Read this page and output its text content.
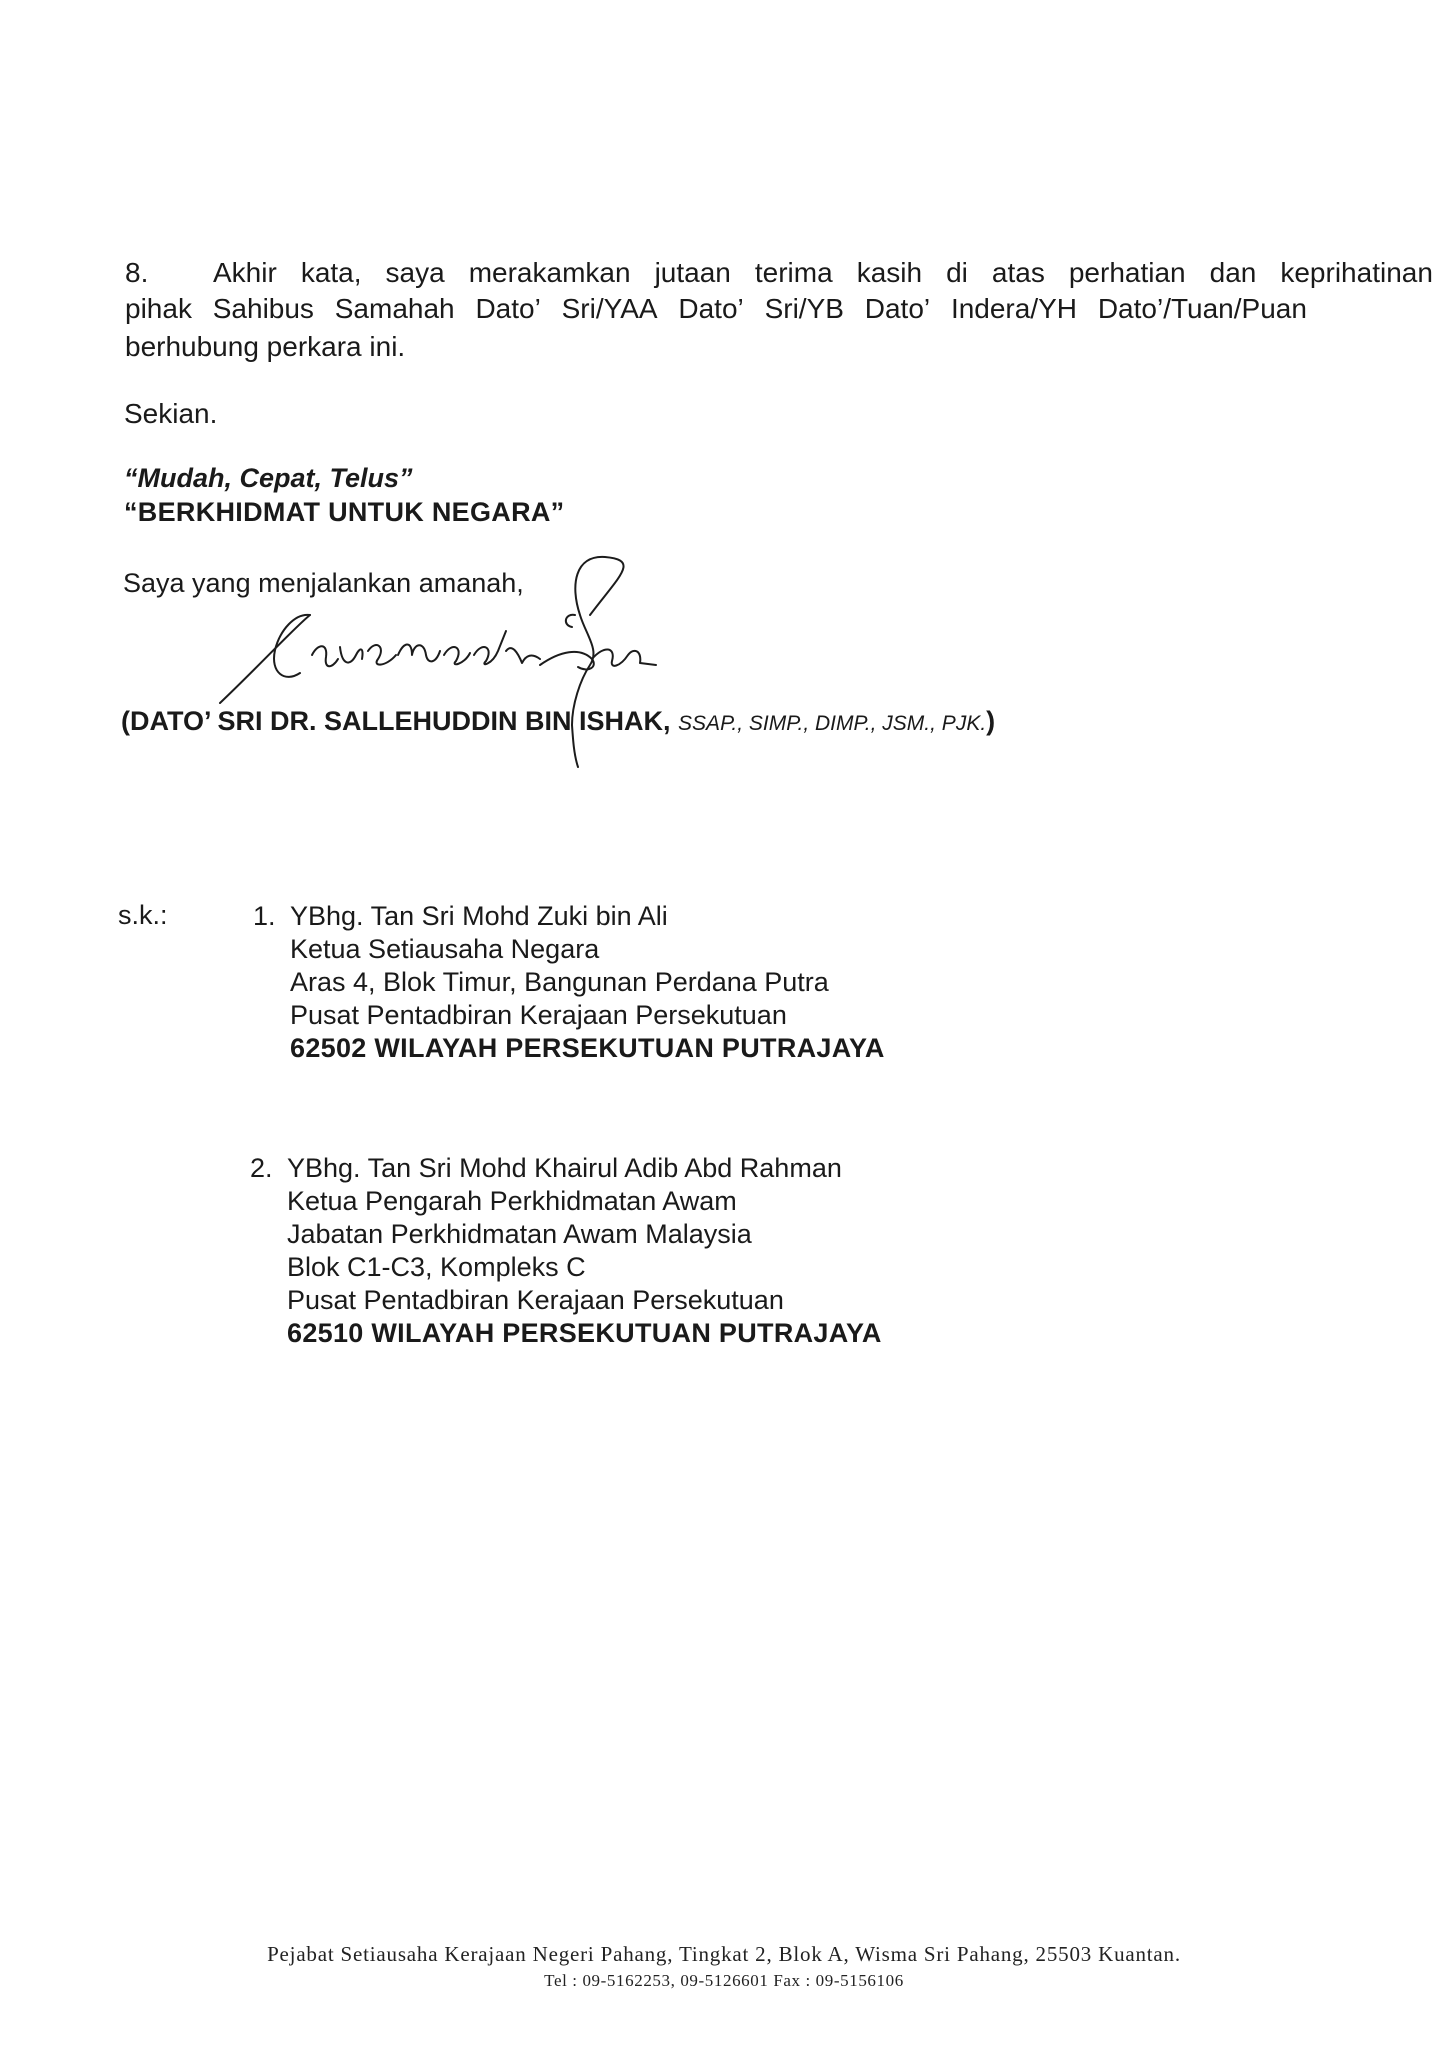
8. Akhir kata, saya merakamkan jutaan terima kasih di atas perhatian dan keprihatinan
pihak Sahibus Samahah Dato’ Sri/YAA Dato’ Sri/YB Dato’ Indera/YH Dato’/Tuan/Puan
berhubung perkara ini.
Sekian.
“Mudah, Cepat, Telus”
“BERKHIDMAT UNTUK NEGARA”
Saya yang menjalankan amanah,
(DATO’ SRI DR. SALLEHUDDIN BIN ISHAK, SSAP., SIMP., DIMP., JSM., PJK.)
s.k.:	1. YBhg. Tan Sri Mohd Zuki bin Ali
Ketua Setiausaha Negara
Aras 4, Blok Timur, Bangunan Perdana Putra
Pusat Pentadbiran Kerajaan Persekutuan
62502 WILAYAH PERSEKUTUAN PUTRAJAYA
2. YBhg. Tan Sri Mohd Khairul Adib Abd Rahman
Ketua Pengarah Perkhidmatan Awam
Jabatan Perkhidmatan Awam Malaysia
Blok C1-C3, Kompleks C
Pusat Pentadbiran Kerajaan Persekutuan
62510 WILAYAH PERSEKUTUAN PUTRAJAYA
Pejabat Setiausaha Kerajaan Negeri Pahang, Tingkat 2, Blok A, Wisma Sri Pahang, 25503 Kuantan.
Tel : 09-5162253, 09-5126601 Fax : 09-5156106
